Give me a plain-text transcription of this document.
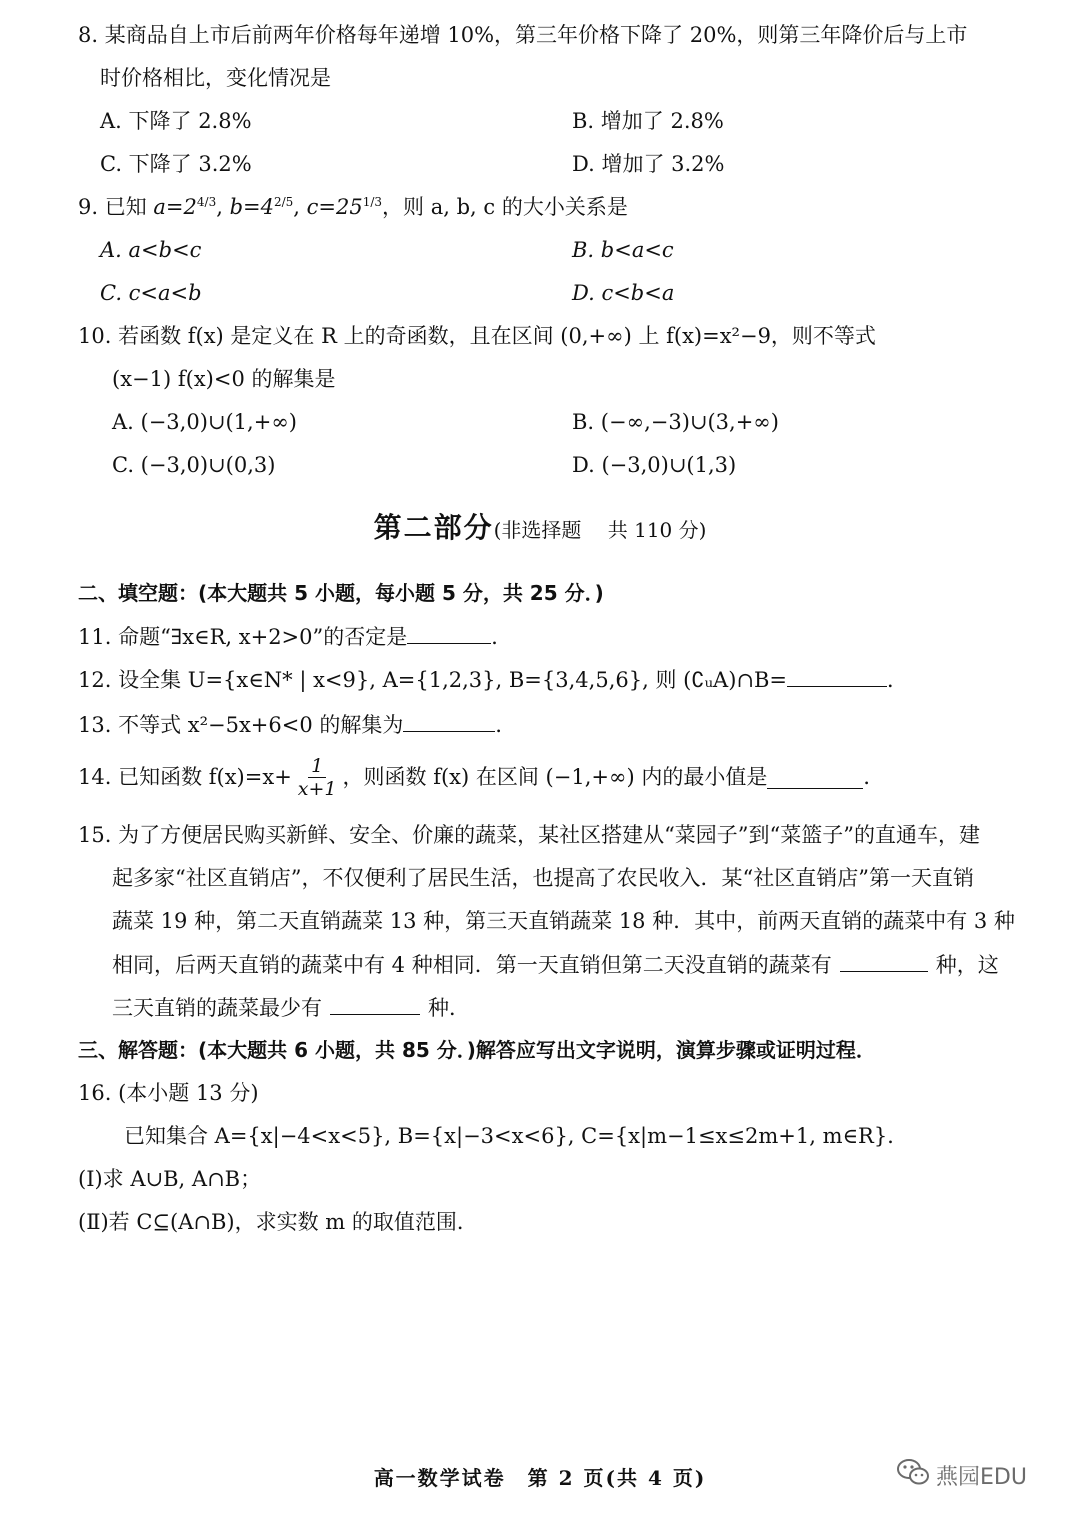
8. 某商品自上市后前两年价格每年递增 10%，第三年价格下降了 20%，则第三年降价后与上市
时价格相比，变化情况是
A. 下降了 2.8%	B. 增加了 2.8%
C. 下降了 3.2%	D. 增加了 3.2%
9. 已知 $a=2^{4/3}$, $b=4^{2/5}$, $c=25^{1/3}$，则 a, b, c 的大小关系是
A. a<b<c	B. b<a<c
C. c<a<b	D. c<b<a
10. 若函数 f(x) 是定义在 R 上的奇函数，且在区间 (0,+∞) 上 f(x)=x²−9，则不等式
(x−1) f(x)<0 的解集是
A. (−3,0)∪(1,+∞)	B. (−∞,−3)∪(3,+∞)
C. (−3,0)∪(0,3)	D. (−3,0)∪(1,3)
第二部分(非选择题　 共 110 分)
二、填空题：(本大题共 5 小题，每小题 5 分，共 25 分．)
11. 命题“∃x∈R, x+2>0”的否定是	．
12. 设全集 U={x∈N* | x<9}, A={1,2,3}, B={3,4,5,6}, 则 (∁ᵤA)∩B=	．
13. 不等式 x²−5x+6<0 的解集为	．
14. 已知函数 $f(x)=x+ \frac{1}{x+1}$ ，则函数 f(x) 在区间 (−1,+∞) 内的最小值是	．
15. 为了方便居民购买新鲜、安全、价廉的蔬菜，某社区搭建从“菜园子”到“菜篮子”的直通车，建
起多家“社区直销店”，不仅便利了居民生活，也提高了农民收入．某“社区直销店”第一天直销
蔬菜 19 种，第二天直销蔬菜 13 种，第三天直销蔬菜 18 种．其中，前两天直销的蔬菜中有 3 种
相同，后两天直销的蔬菜中有 4 种相同．第一天直销但第二天没直销的蔬菜有	种，这
三天直销的蔬菜最少有	种．
三、解答题：(本大题共 6 小题，共 85 分．)解答应写出文字说明，演算步骤或证明过程．
16. (本小题 13 分)
已知集合 A={x|−4<x<5}, B={x|−3<x<6}, C={x|m−1≤x≤2m+1, m∈R}．
(Ⅰ)求 A∪B, A∩B；
(Ⅱ)若 C⊆(A∩B)，求实数 m 的取值范围．
高一数学试卷　第 2 页(共 4 页)	燕园EDU
